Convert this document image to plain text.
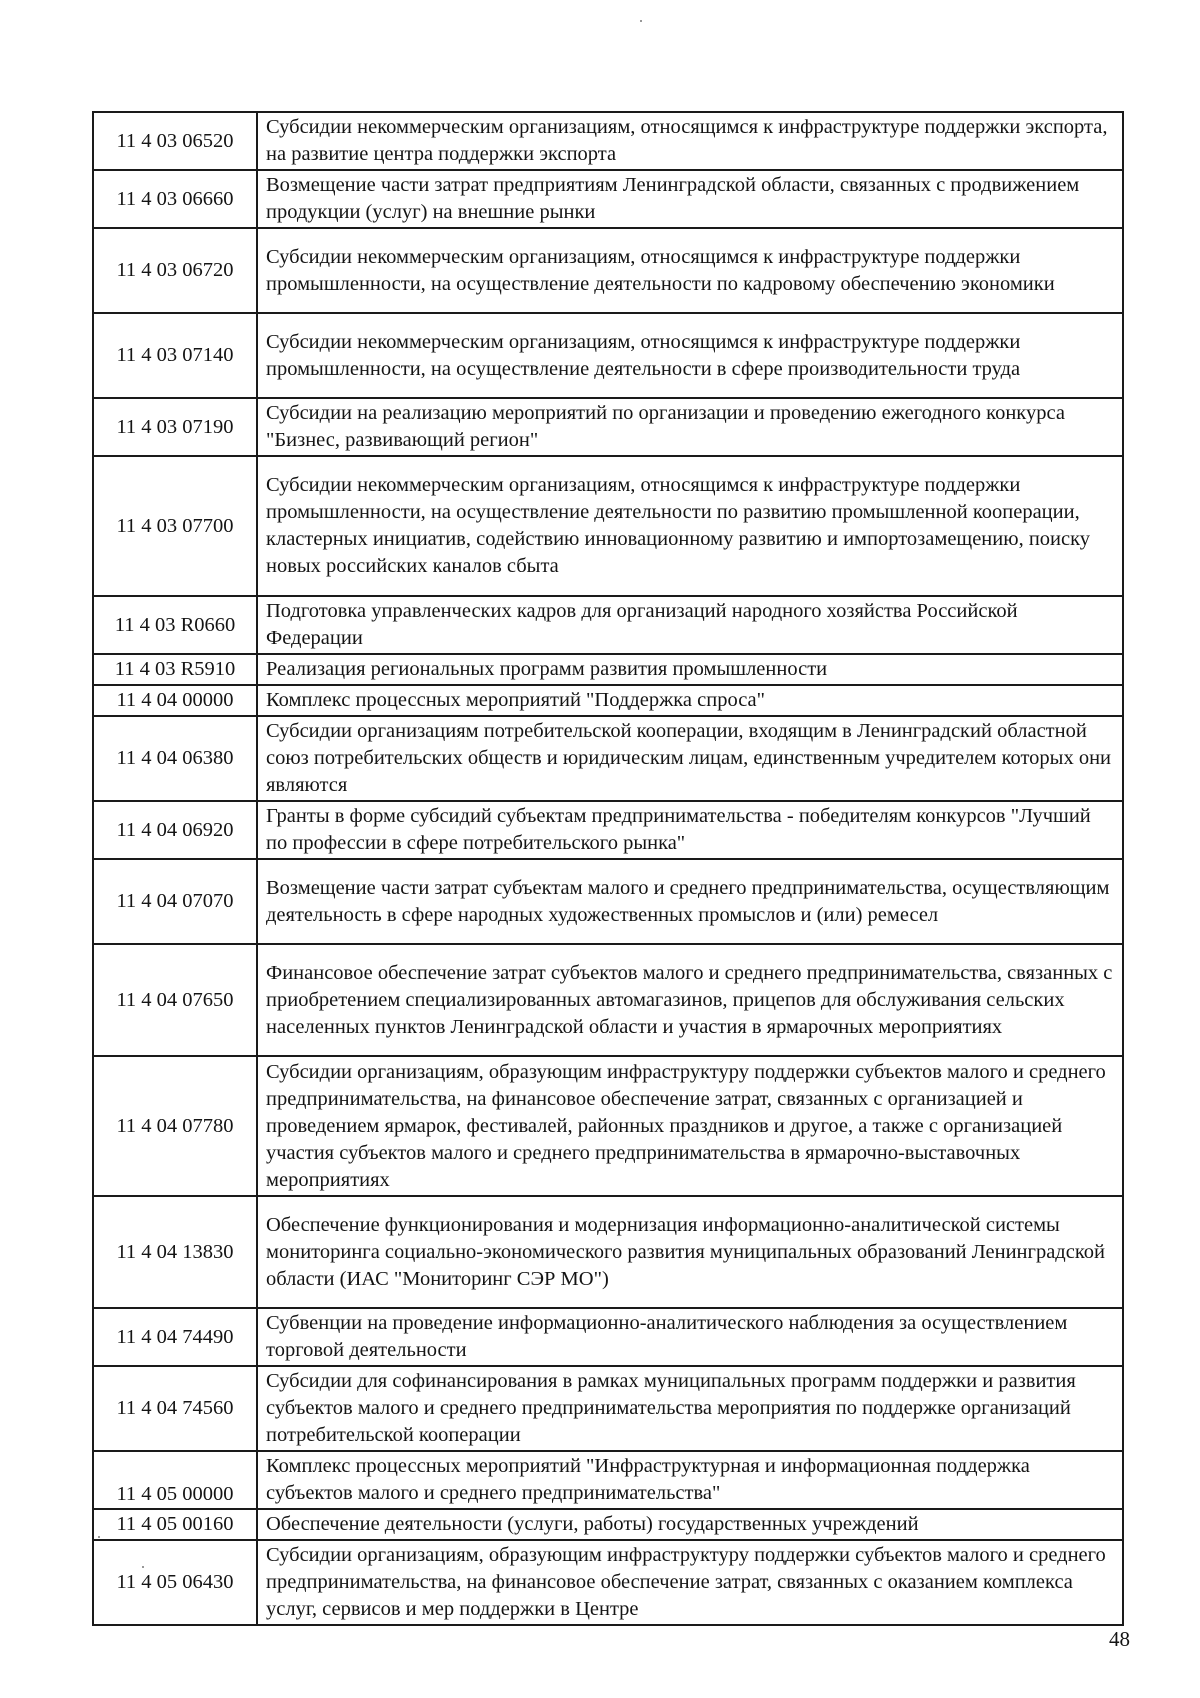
11 4 03 06520	Субсидии некоммерческим организациям, относящимся к инфраструктуре поддержки экспорта, на развитие центра поддержки экспорта
11 4 03 06660	Возмещение части затрат предприятиям Ленинградской области, связанных с продвижением продукции (услуг) на внешние рынки
11 4 03 06720	Субсидии некоммерческим организациям, относящимся к инфраструктуре поддержки промышленности, на осуществление деятельности по кадровому обеспечению экономики
11 4 03 07140	Субсидии некоммерческим организациям, относящимся к инфраструктуре поддержки промышленности, на осуществление деятельности в сфере производительности труда
11 4 03 07190	Субсидии на реализацию мероприятий по организации и проведению ежегодного конкурса "Бизнес, развивающий регион"
11 4 03 07700	Субсидии некоммерческим организациям, относящимся к инфраструктуре поддержки промышленности, на осуществление деятельности по развитию промышленной кооперации, кластерных инициатив, содействию инновационному развитию и импортозамещению, поиску новых российских каналов сбыта
11 4 03 R0660	Подготовка управленческих кадров для организаций народного хозяйства Российской Федерации
11 4 03 R5910	Реализация региональных программ развития промышленности
11 4 04 00000	Комплекс процессных мероприятий "Поддержка спроса"
11 4 04 06380	Субсидии организациям потребительской кооперации, входящим в Ленинградский областной союз потребительских обществ и юридическим лицам, единственным учредителем которых они являются
11 4 04 06920	Гранты в форме субсидий субъектам предпринимательства - победителям конкурсов "Лучший по профессии в сфере потребительского рынка"
11 4 04 07070	Возмещение части затрат субъектам малого и среднего предпринимательства, осуществляющим деятельность в сфере народных художественных промыслов и (или) ремесел
11 4 04 07650	Финансовое обеспечение затрат субъектов малого и среднего предпринимательства, связанных с приобретением специализированных автомагазинов, прицепов для обслуживания сельских населенных пунктов Ленинградской области и участия в ярмарочных мероприятиях
11 4 04 07780	Субсидии организациям, образующим инфраструктуру поддержки субъектов малого и среднего предпринимательства, на финансовое обеспечение затрат, связанных с организацией и проведением ярмарок, фестивалей, районных праздников и другое, а также с организацией участия субъектов малого и среднего предпринимательства в ярмарочно-выставочных мероприятиях
11 4 04 13830	Обеспечение функционирования и модернизация информационно-аналитической системы мониторинга социально-экономического развития муниципальных образований Ленинградской области (ИАС "Мониторинг СЭР МО")
11 4 04 74490	Субвенции на проведение информационно-аналитического наблюдения за осуществлением торговой деятельности
11 4 04 74560	Субсидии для софинансирования в рамках муниципальных программ поддержки и развития субъектов малого и среднего предпринимательства мероприятия по поддержке организаций потребительской кооперации
11 4 05 00000	Комплекс процессных мероприятий "Инфраструктурная и информационная поддержка субъектов малого и среднего предпринимательства"
11 4 05 00160	Обеспечение деятельности (услуги, работы) государственных учреждений
11 4 05 06430	Субсидии организациям, образующим инфраструктуру поддержки субъектов малого и среднего предпринимательства, на финансовое обеспечение затрат, связанных с оказанием комплекса услуг, сервисов и мер поддержки в Центре
48
